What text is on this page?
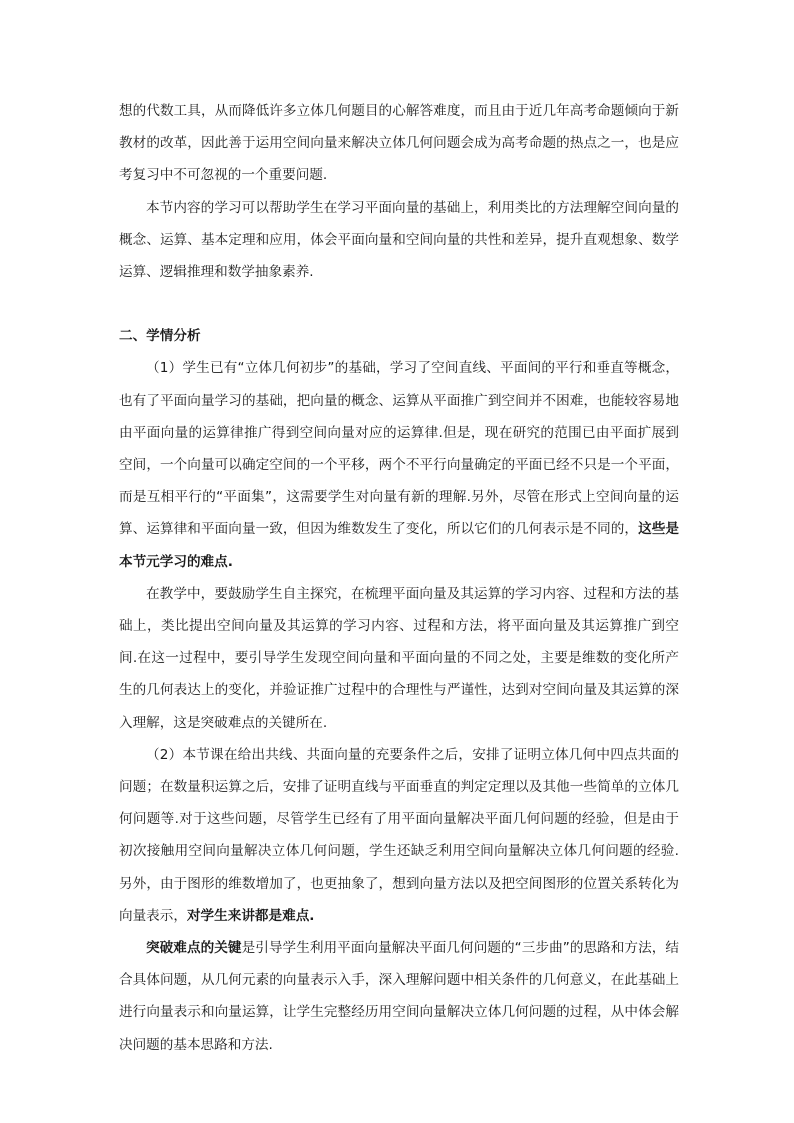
想的代数工具，从而降低许多立体几何题目的心解答难度，而且由于近几年高考命题倾向于新教材的改革，因此善于运用空间向量来解决立体几何问题会成为高考命题的热点之一，也是应考复习中不可忽视的一个重要问题.

本节内容的学习可以帮助学生在学习平面向量的基础上，利用类比的方法理解空间向量的概念、运算、基本定理和应用，体会平面向量和空间向量的共性和差异，提升直观想象、数学运算、逻辑推理和数学抽象素养.

二、学情分析

（1）学生已有“立体几何初步”的基础，学习了空间直线、平面间的平行和垂直等概念，也有了平面向量学习的基础，把向量的概念、运算从平面推广到空间并不困难，也能较容易地由平面向量的运算律推广得到空间向量对应的运算律.但是，现在研究的范围已由平面扩展到空间，一个向量可以确定空间的一个平移，两个不平行向量确定的平面已经不只是一个平面，而是互相平行的“平面集”，这需要学生对向量有新的理解.另外，尽管在形式上空间向量的运算、运算律和平面向量一致，但因为维数发生了变化，所以它们的几何表示是不同的，这些是本节元学习的难点.

在教学中，要鼓励学生自主探究，在梳理平面向量及其运算的学习内容、过程和方法的基础上，类比提出空间向量及其运算的学习内容、过程和方法，将平面向量及其运算推广到空间.在这一过程中，要引导学生发现空间向量和平面向量的不同之处，主要是维数的变化所产生的几何表达上的变化，并验证推广过程中的合理性与严谨性，达到对空间向量及其运算的深入理解，这是突破难点的关键所在.

（2）本节课在给出共线、共面向量的充要条件之后，安排了证明立体几何中四点共面的问题；在数量积运算之后，安排了证明直线与平面垂直的判定定理以及其他一些简单的立体几何问题等.对于这些问题，尽管学生已经有了用平面向量解决平面几何问题的经验，但是由于初次接触用空间向量解决立体几何问题，学生还缺乏利用空间向量解决立体几何问题的经验.另外，由于图形的维数增加了，也更抽象了，想到向量方法以及把空间图形的位置关系转化为向量表示，对学生来讲都是难点.

突破难点的关键是引导学生利用平面向量解决平面几何问题的“三步曲”的思路和方法，结合具体问题，从几何元素的向量表示入手，深入理解问题中相关条件的几何意义，在此基础上进行向量表示和向量运算，让学生完整经历用空间向量解决立体几何问题的过程，从中体会解决问题的基本思路和方法.
